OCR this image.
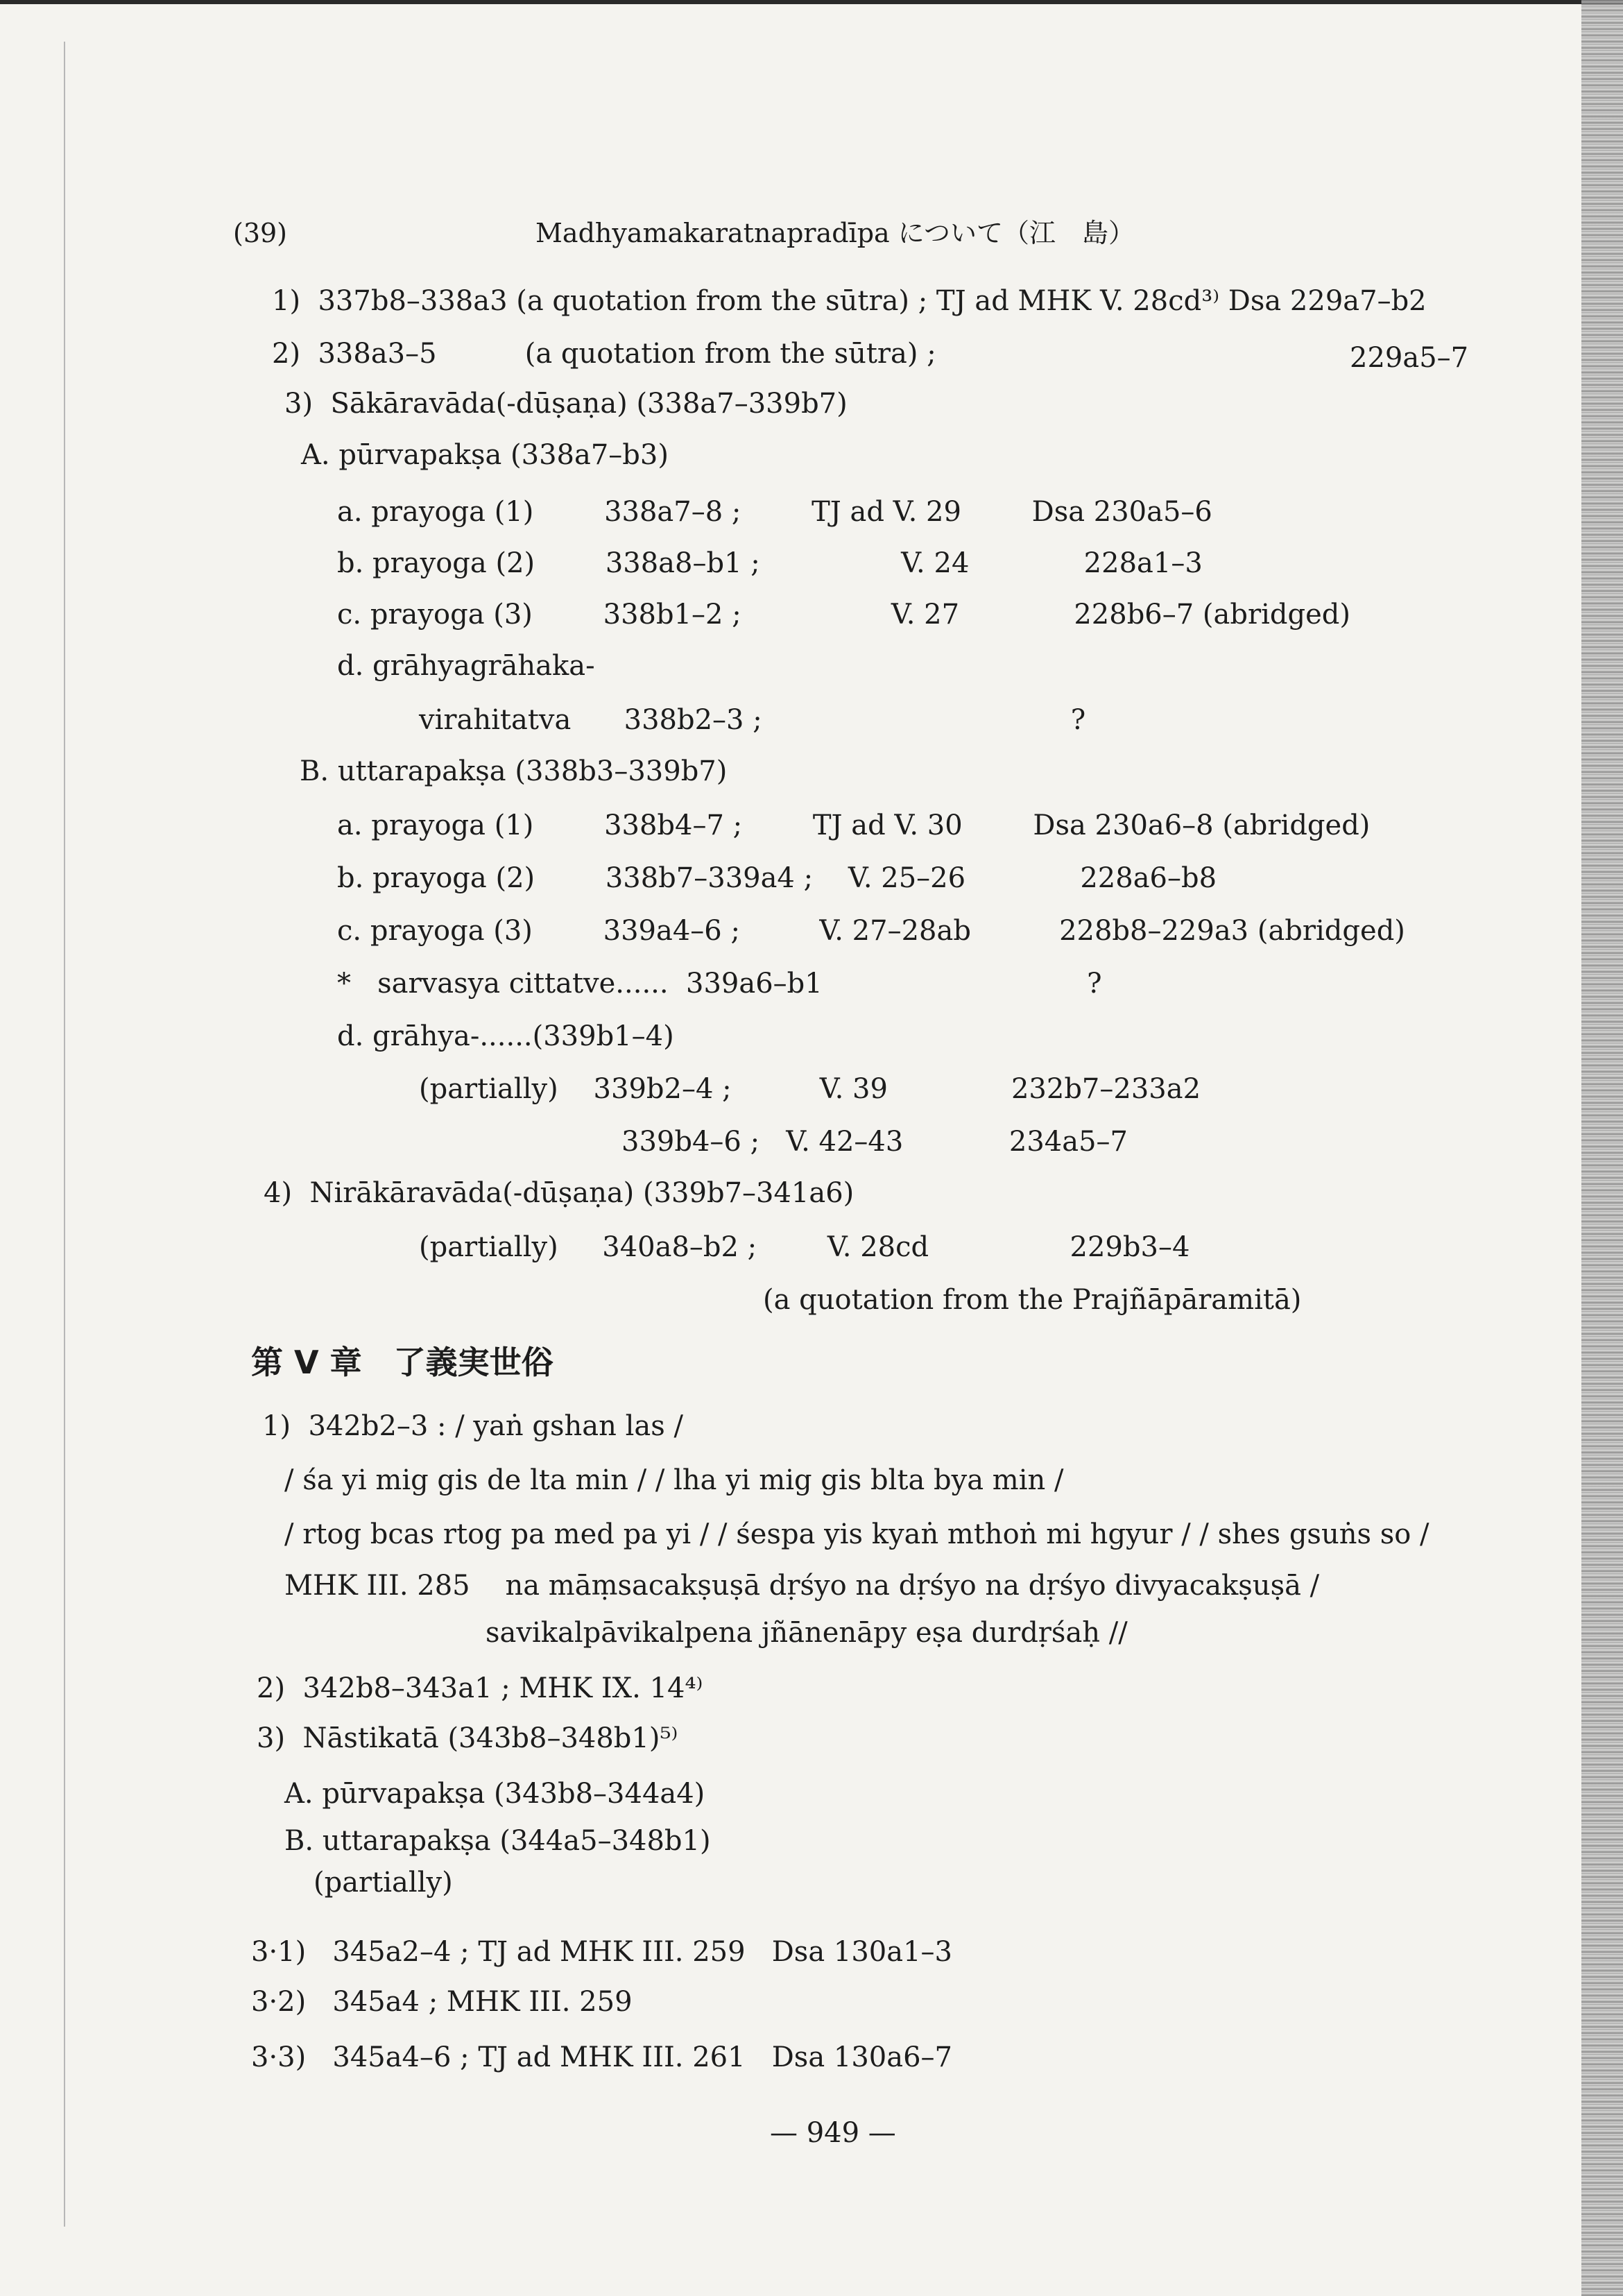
(39)	Madhyamakaratnapradīpa について（江　島）
1)  337b8–338a3 (a quotation from the sūtra) ; TJ ad MHK V. 28cd³⁾ Dsa 229a7–b2
2)  338a3–5          (a quotation from the sūtra) ;	229a5–7
3)  Sākāravāda(-dūṣaṇa) (338a7–339b7)
A. pūrvapakṣa (338a7–b3)
a. prayoga (1)        338a7–8 ;        TJ ad V. 29        Dsa 230a5–6
b. prayoga (2)        338a8–b1 ;                V. 24             228a1–3
c. prayoga (3)        338b1–2 ;                 V. 27             228b6–7 (abridged)
d. grāhyagrāhaka-
virahitatva      338b2–3 ;                                   ?
B. uttarapakṣa (338b3–339b7)
a. prayoga (1)        338b4–7 ;        TJ ad V. 30        Dsa 230a6–8 (abridged)
b. prayoga (2)        338b7–339a4 ;    V. 25–26             228a6–b8
c. prayoga (3)        339a4–6 ;         V. 27–28ab          228b8–229a3 (abridged)
*   sarvasya cittatve......  339a6–b1                              ?
d. grāhya-......(339b1–4)
(partially)    339b2–4 ;          V. 39              232b7–233a2
339b4–6 ;   V. 42–43            234a5–7
4)  Nirākāravāda(-dūṣaṇa) (339b7–341a6)
(partially)     340a8–b2 ;        V. 28cd                229b3–4
(a quotation from the Prajñāpāramitā)
第 V 章　了義実世俗
1)  342b2–3 : / yaṅ gshan las /
/ śa yi mig gis de lta min / / lha yi mig gis blta bya min /
/ rtog bcas rtog pa med pa yi / / śespa yis kyaṅ mthoṅ mi hgyur / / shes gsuṅs so /
MHK III. 285    na māṃsacakṣuṣā dṛśyo na dṛśyo na dṛśyo divyacakṣuṣā /
savikalpāvikalpena jñānenāpy eṣa durdṛśaḥ //
2)  342b8–343a1 ; MHK IX. 14⁴⁾
3)  Nāstikatā (343b8–348b1)⁵⁾
A. pūrvapakṣa (343b8–344a4)
B. uttarapakṣa (344a5–348b1)
(partially)
3·1)   345a2–4 ; TJ ad MHK III. 259   Dsa 130a1–3
3·2)   345a4 ; MHK III. 259
3·3)   345a4–6 ; TJ ad MHK III. 261   Dsa 130a6–7
— 949 —
